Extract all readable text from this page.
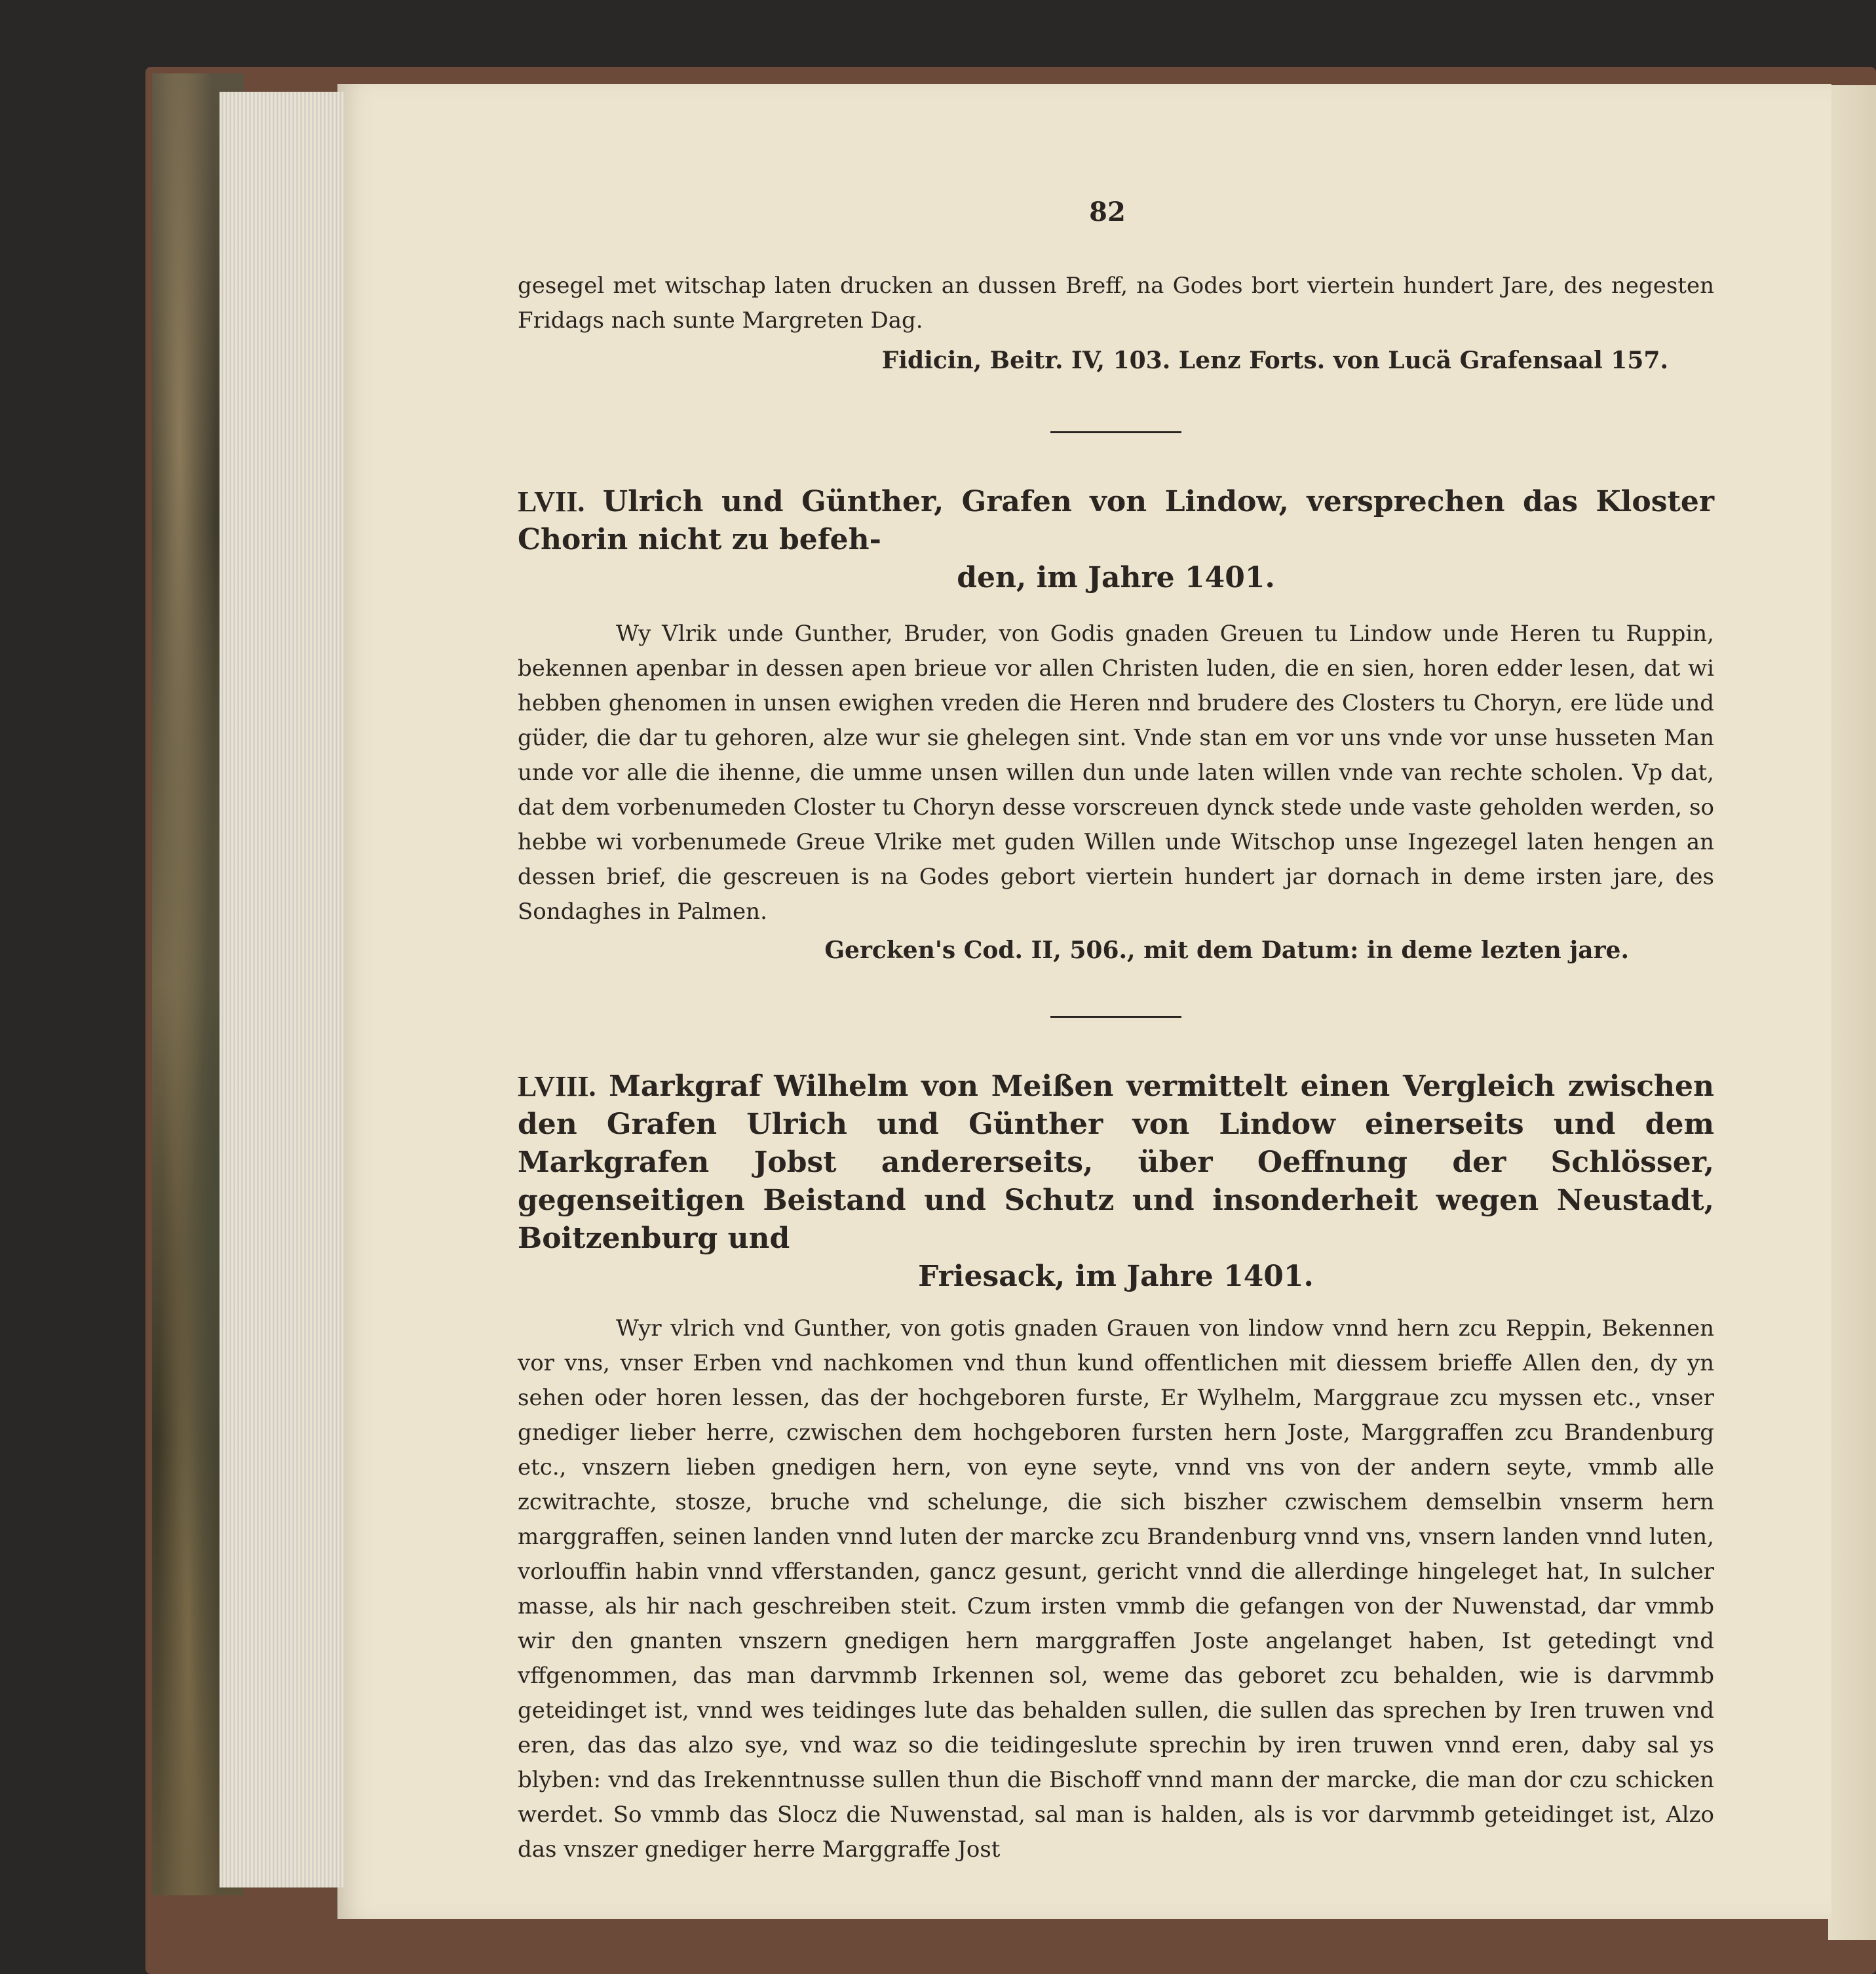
82

gesegel met witschap laten drucken an dussen Breff, na Godes bort viertein hundert Jare, des negesten Fridags nach sunte Margreten Dag.

Fidicin, Beitr. IV, 103. Lenz Forts. von Lucä Grafensaal 157.

LVII. Ulrich und Günther, Grafen von Lindow, versprechen das Kloster Chorin nicht zu befeh-

den, im Jahre 1401.

Wy Vlrik unde Gunther, Bruder, von Godis gnaden Greuen tu Lindow unde Heren tu Ruppin, bekennen apenbar in dessen apen brieue vor allen Christen luden, die en sien, horen edder lesen, dat wi hebben ghenomen in unsen ewighen vreden die Heren nnd brudere des Closters tu Choryn, ere lüde und güder, die dar tu gehoren, alze wur sie ghelegen sint. Vnde stan em vor uns vnde vor unse husseten Man unde vor alle die ihenne, die umme unsen willen dun unde laten willen vnde van rechte scholen. Vp dat, dat dem vorbenumeden Closter tu Choryn desse vorscreuen dynck stede unde vaste geholden werden, so hebbe wi vorbenumede Greue Vlrike met guden Willen unde Witschop unse Ingezegel laten hengen an dessen brief, die gescreuen is na Godes gebort viertein hundert jar dornach in deme irsten jare, des Sondaghes in Palmen.

Gercken's Cod. II, 506., mit dem Datum: in deme lezten jare.

LVIII. Markgraf Wilhelm von Meißen vermittelt einen Vergleich zwischen den Grafen Ulrich und Günther von Lindow einerseits und dem Markgrafen Jobst andererseits, über Oeffnung der Schlösser, gegenseitigen Beistand und Schutz und insonderheit wegen Neustadt, Boitzenburg und

Friesack, im Jahre 1401.

Wyr vlrich vnd Gunther, von gotis gnaden Grauen von lindow vnnd hern zcu Reppin, Bekennen vor vns, vnser Erben vnd nachkomen vnd thun kund offentlichen mit diessem brieffe Allen den, dy yn sehen oder horen lessen, das der hochgeboren furste, Er Wylhelm, Marggraue zcu myssen etc., vnser gnediger lieber herre, czwischen dem hochgeboren fursten hern Joste, Marggraffen zcu Brandenburg etc., vnszern lieben gnedigen hern, von eyne seyte, vnnd vns von der andern seyte, vmmb alle zcwitrachte, stosze, bruche vnd schelunge, die sich biszher czwischem demselbin vnserm hern marggraffen, seinen landen vnnd luten der marcke zcu Brandenburg vnnd vns, vnsern landen vnnd luten, vorlouffin habin vnnd vfferstanden, gancz gesunt, gericht vnnd die allerdinge hingeleget hat, In sulcher masse, als hir nach geschreiben steit. Czum irsten vmmb die gefangen von der Nuwenstad, dar vmmb wir den gnanten vnszern gnedigen hern marggraffen Joste angelanget haben, Ist getedingt vnd vffgenommen, das man darvmmb Irkennen sol, weme das geboret zcu behalden, wie is darvmmb geteidinget ist, vnnd wes teidinges lute das behalden sullen, die sullen das sprechen by Iren truwen vnd eren, das das alzo sye, vnd waz so die teidingeslute sprechin by iren truwen vnnd eren, daby sal ys blyben: vnd das Irekenntnusse sullen thun die Bischoff vnnd mann der marcke, die man dor czu schicken werdet. So vmmb das Slocz die Nuwenstad, sal man is halden, als is vor darvmmb geteidinget ist, Alzo das vnszer gnediger herre Marggraffe Jost
